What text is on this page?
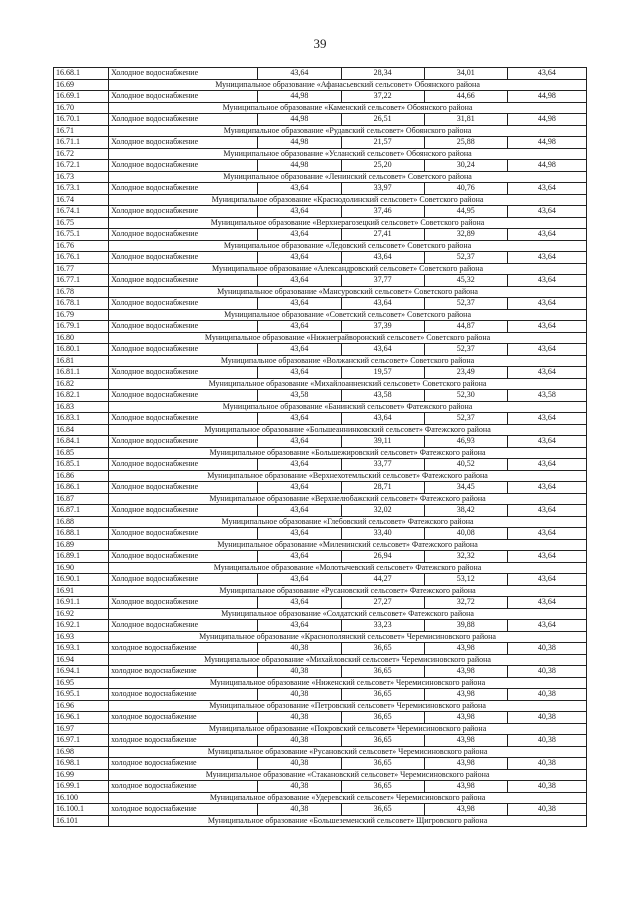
39
16.68.1	Холодное водоснабжение	43,64	28,34	34,01	43,64
16.69	Муниципальное образование «Афанасьевский сельсовет» Обоянского района				
16.69.1	Холодное водоснабжение	44,98	37,22	44,66	44,98
16.70	Муниципальное образование «Каменский сельсовет» Обоянского района				
16.70.1	Холодное водоснабжение	44,98	26,51	31,81	44,98
16.71	Муниципальное образование «Рудавский сельсовет» Обоянского района				
16.71.1	Холодное водоснабжение	44,98	21,57	25,88	44,98
16.72	Муниципальное образование «Усланский сельсовет» Обоянского района				
16.72.1	Холодное водоснабжение	44,98	25,20	30,24	44,98
16.73	Муниципальное образование «Ленинский сельсовет» Советского района				
16.73.1	Холодное водоснабжение	43,64	33,97	40,76	43,64
16.74	Муниципальное образование «Краснодолинский сельсовет» Советского района				
16.74.1	Холодное водоснабжение	43,64	37,46	44,95	43,64
16.75	Муниципальное образование «Верхнерагозецкий сельсовет» Советского района				
16.75.1	Холодное водоснабжение	43,64	27,41	32,89	43,64
16.76	Муниципальное образование «Ледовский сельсовет» Советского района				
16.76.1	Холодное водоснабжение	43,64	43,64	52,37	43,64
16.77	Муниципальное образование «Александровский сельсовет» Советского района				
16.77.1	Холодное водоснабжение	43,64	37,77	45,32	43,64
16.78	Муниципальное образование «Мансуровский сельсовет» Советского района				
16.78.1	Холодное водоснабжение	43,64	43,64	52,37	43,64
16.79	Муниципальное образование «Советский сельсовет» Советского района				
16.79.1	Холодное водоснабжение	43,64	37,39	44,87	43,64
16.80	Муниципальное образование «Нижнеграйворонский сельсовет» Советского района				
16.80.1	Холодное водоснабжение	43,64	43,64	52,37	43,64
16.81	Муниципальное образование «Волжанский сельсовет» Советского района				
16.81.1	Холодное водоснабжение	43,64	19,57	23,49	43,64
16.82	Муниципальное образование «Михайлоанненский сельсовет» Советского района				
16.82.1	Холодное водоснабжение	43,58	43,58	52,30	43,58
16.83	Муниципальное образование «Банинский сельсовет» Фатежского района				
16.83.1	Холодное водоснабжение	43,64	43,64	52,37	43,64
16.84	Муниципальное образование «Большеаннинковский сельсовет» Фатежского района				
16.84.1	Холодное водоснабжение	43,64	39,11	46,93	43,64
16.85	Муниципальное образование «Большежировский сельсовет» Фатежского района				
16.85.1	Холодное водоснабжение	43,64	33,77	40,52	43,64
16.86	Муниципальное образование «Верхнехотемльский сельсовет» Фатежского района				
16.86.1	Холодное водоснабжение	43,64	28,71	34,45	43,64
16.87	Муниципальное образование «Верхнелюбажский сельсовет» Фатежского района				
16.87.1	Холодное водоснабжение	43,64	32,02	38,42	43,64
16.88	Муниципальное образование «Глебовский сельсовет» Фатежского района				
16.88.1	Холодное водоснабжение	43,64	33,40	40,08	43,64
16.89	Муниципальное образование «Миленинский сельсовет» Фатежского района				
16.89.1	Холодное водоснабжение	43,64	26,94	32,32	43,64
16.90	Муниципальное образование «Молотычевский сельсовет» Фатежского района				
16.90.1	Холодное водоснабжение	43,64	44,27	53,12	43,64
16.91	Муниципальное образование «Русановский сельсовет» Фатежского района				
16.91.1	Холодное водоснабжение	43,64	27,27	32,72	43,64
16.92	Муниципальное образование «Солдатский сельсовет» Фатежского района				
16.92.1	Холодное водоснабжение	43,64	33,23	39,88	43,64
16.93	Муниципальное образование «Краснополянский сельсовет» Черемисиновского района				
16.93.1	холодное водоснабжение	40,38	36,65	43,98	40,38
16.94	Муниципальное образование «Михайловский сельсовет» Черемисиновского района				
16.94.1	холодное водоснабжение	40,38	36,65	43,98	40,38
16.95	Муниципальное образование «Ниженский сельсовет» Черемисиновского района				
16.95.1	холодное водоснабжение	40,38	36,65	43,98	40,38
16.96	Муниципальное образование «Петровский сельсовет» Черемисиновского района				
16.96.1	холодное водоснабжение	40,38	36,65	43,98	40,38
16.97	Муниципальное образование «Покровский сельсовет» Черемисиновского района				
16.97.1	холодное водоснабжение	40,38	36,65	43,98	40,38
16.98	Муниципальное образование «Русановский сельсовет» Черемисиновского района				
16.98.1	холодное водоснабжение	40,38	36,65	43,98	40,38
16.99	Муниципальное образование «Стакановский сельсовет» Черемисиновского района				
16.99.1	холодное водоснабжение	40,38	36,65	43,98	40,38
16.100	Муниципальное образование «Удеревский сельсовет» Черемисиновского района				
16.100.1	холодное водоснабжение	40,38	36,65	43,98	40,38
16.101	Муниципальное образование «Большеземенский сельсовет» Щигровского района				
